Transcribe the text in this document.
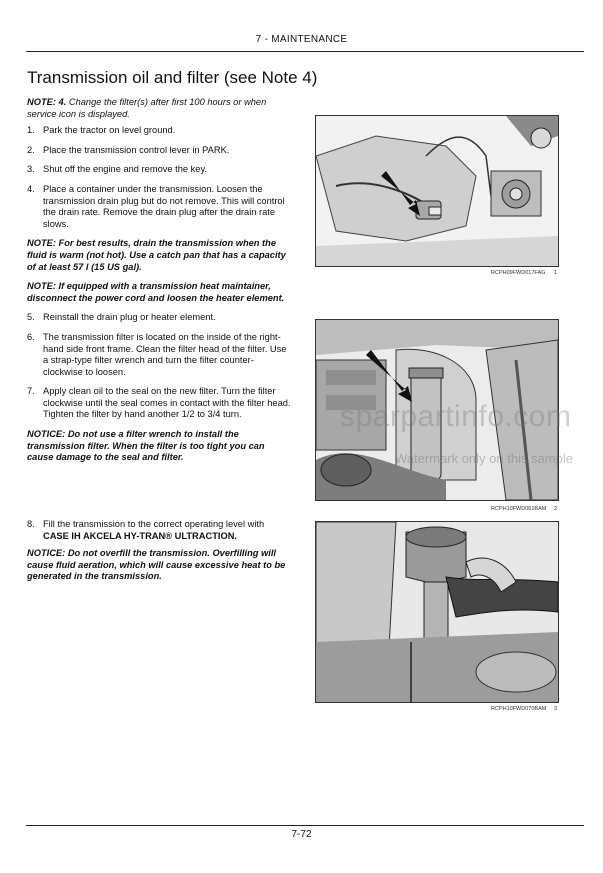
7 - MAINTENANCE
Transmission oil and filter (see Note 4)
NOTE: 4. Change the filter(s) after first 100 hours or when service icon is displayed.
1. Park the tractor on level ground.
2. Place the transmission control lever in PARK.
3. Shut off the engine and remove the key.
4. Place a container under the transmission. Loosen the transmission drain plug but do not remove. This will control the drain rate. Remove the drain plug after the drain rate slows.
NOTE: For best results, drain the transmission when the fluid is warm (not hot). Use a catch pan that has a capacity of at least 57 l (15 US gal).
NOTE: If equipped with a transmission heat maintainer, disconnect the power cord and loosen the heater element.
5. Reinstall the drain plug or heater element.
6. The transmission filter is located on the inside of the right-hand side front frame. Clean the filter head of the filter. Use a strap-type filter wrench and turn the filter counter-clockwise to loosen.
7. Apply clean oil to the seal on the new filter. Turn the filter clockwise until the seal comes in contact with the filter head. Tighten the filter by hand another 1/2 to 3/4 turn.
NOTICE: Do not use a filter wrench to install the transmission filter. When the filter is too tight you can cause damage to the seal and filter.
8. Fill the transmission to the correct operating level with CASE IH AKCELA HY-TRAN® ULTRACTION.
NOTICE: Do not overfill the transmission. Overfilling will cause fluid aeration, which will cause excessive heat to be generated in the transmission.
RCPH09FWD017FAG 1
RCPH10FWD061BAM 2
RCPH10FWD070BAM 3
sparpartinfo.com
Watermark only on this sample
7-72
